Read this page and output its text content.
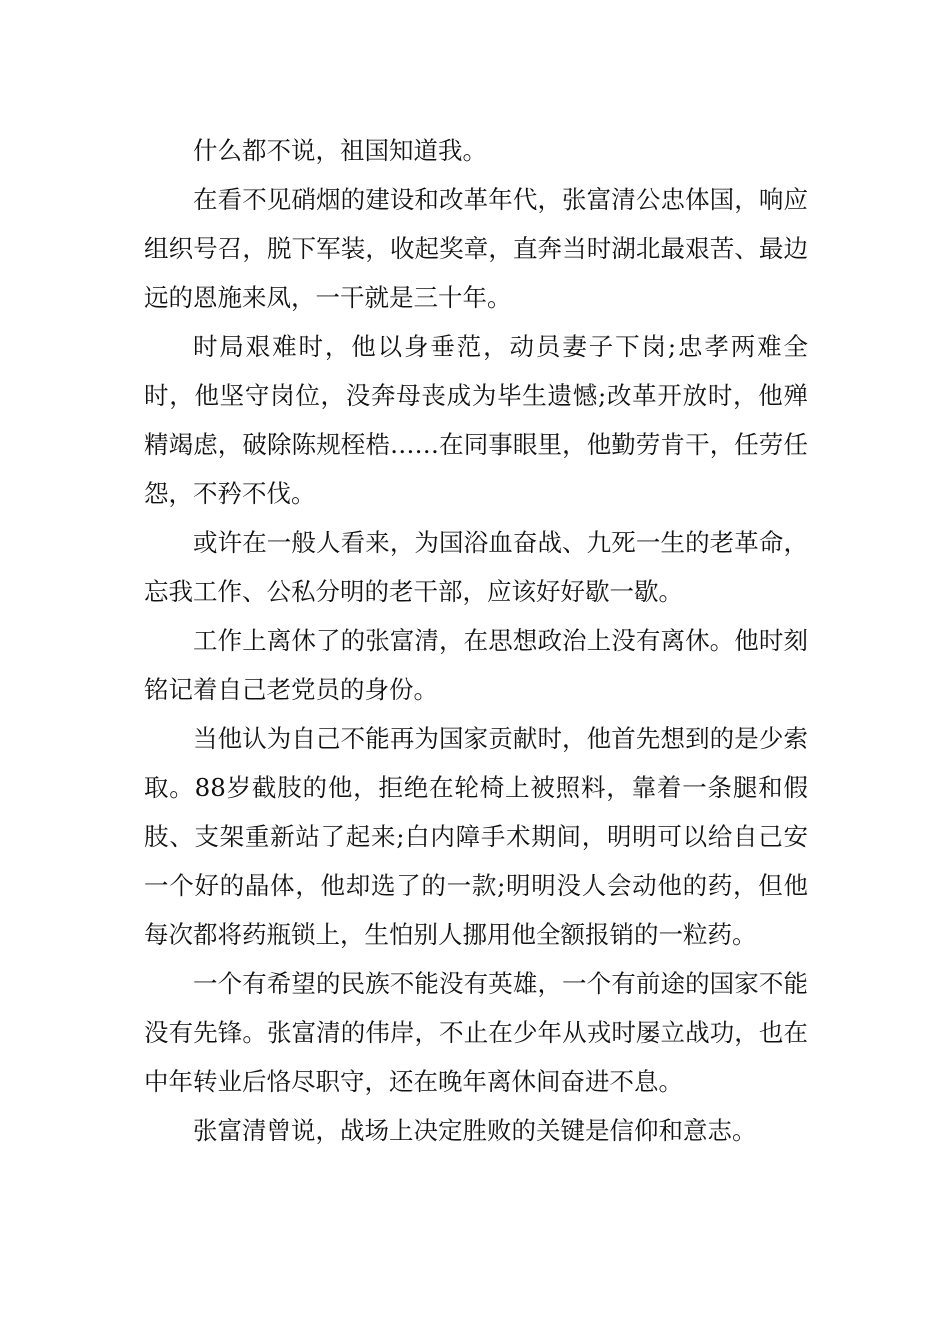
什么都不说，祖国知道我。

在看不见硝烟的建设和改革年代，张富清公忠体国，响应组织号召，脱下军装，收起奖章，直奔当时湖北最艰苦、最边远的恩施来凤，一干就是三十年。

时局艰难时，他以身垂范，动员妻子下岗;忠孝两难全时，他坚守岗位，没奔母丧成为毕生遗憾;改革开放时，他殚精竭虑，破除陈规桎梏……在同事眼里，他勤劳肯干，任劳任怨，不矜不伐。

或许在一般人看来，为国浴血奋战、九死一生的老革命，忘我工作、公私分明的老干部，应该好好歇一歇。

工作上离休了的张富清，在思想政治上没有离休。他时刻铭记着自己老党员的身份。

当他认为自己不能再为国家贡献时，他首先想到的是少索取。88岁截肢的他，拒绝在轮椅上被照料，靠着一条腿和假肢、支架重新站了起来;白内障手术期间，明明可以给自己安一个好的晶体，他却选了的一款;明明没人会动他的药，但他每次都将药瓶锁上，生怕别人挪用他全额报销的一粒药。

一个有希望的民族不能没有英雄，一个有前途的国家不能没有先锋。张富清的伟岸，不止在少年从戎时屡立战功，也在中年转业后恪尽职守，还在晚年离休间奋进不息。

张富清曾说，战场上决定胜败的关键是信仰和意志。
